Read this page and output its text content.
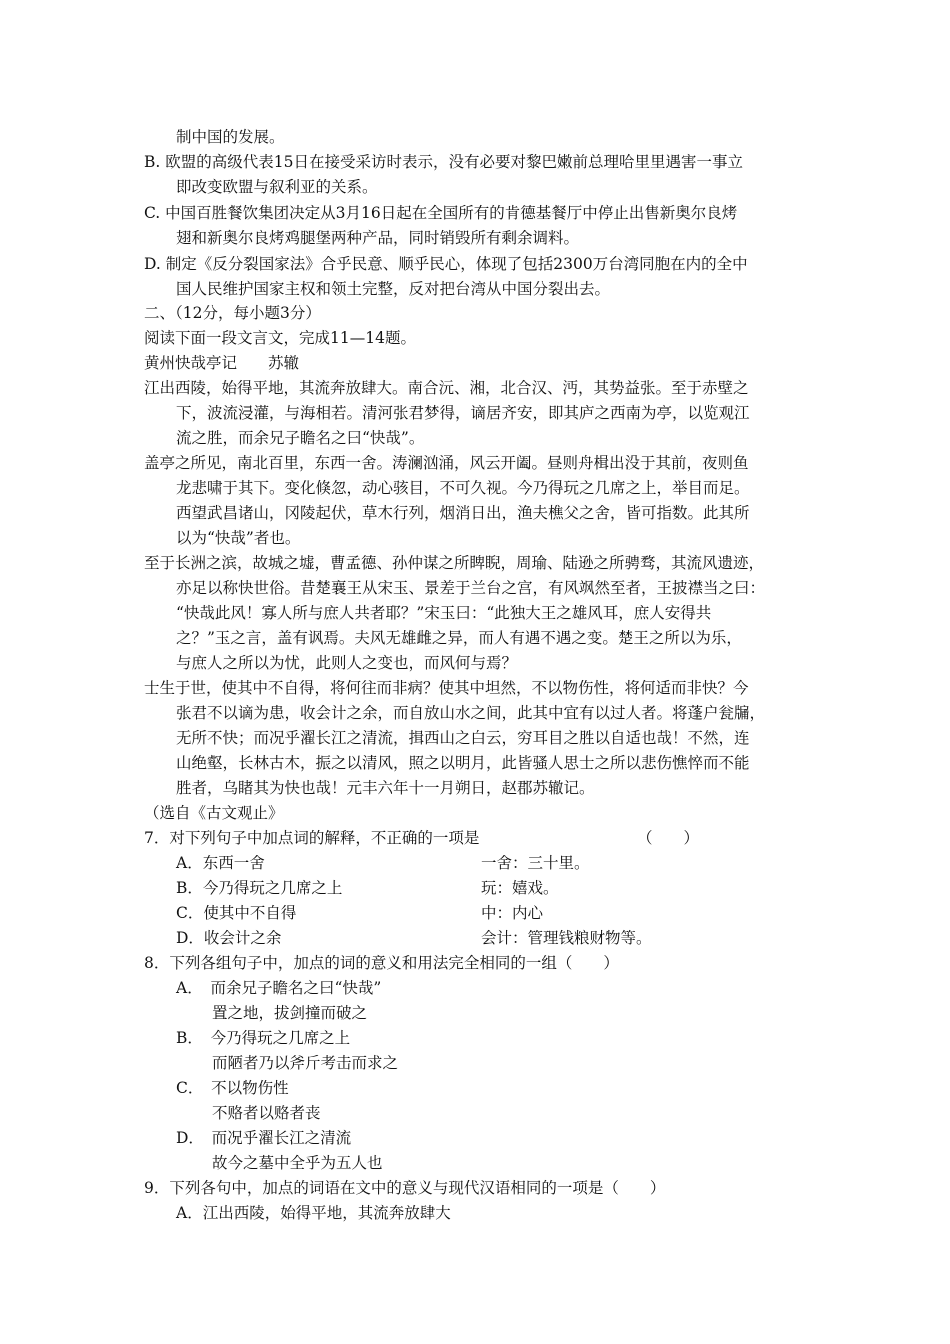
制中国的发展。
B. 欧盟的高级代表15日在接受采访时表示，没有必要对黎巴嫩前总理哈里里遇害一事立
即改变欧盟与叙利亚的关系。
C. 中国百胜餐饮集团决定从3月16日起在全国所有的肯德基餐厅中停止出售新奥尔良烤
翅和新奥尔良烤鸡腿堡两种产品，同时销毁所有剩余调料。
D. 制定《反分裂国家法》合乎民意、顺乎民心，体现了包括2300万台湾同胞在内的全中
国人民维护国家主权和领土完整，反对把台湾从中国分裂出去。
二、（12分，每小题3分）
阅读下面一段文言文，完成11—14题。
黄州快哉亭记　　苏辙
江出西陵，始得平地，其流奔放肆大。南合沅、湘，北合汉、沔，其势益张。至于赤壁之
下，波流浸灌，与海相若。清河张君梦得，谪居齐安，即其庐之西南为亭，以览观江
流之胜，而余兄子瞻名之曰“快哉”。
盖亭之所见，南北百里，东西一舍。涛澜汹涌，风云开阖。昼则舟楫出没于其前，夜则鱼
龙悲啸于其下。变化倏忽，动心骇目，不可久视。今乃得玩之几席之上，举目而足。
西望武昌诸山，冈陵起伏，草木行列，烟消日出，渔夫樵父之舍，皆可指数。此其所
以为“快哉”者也。
至于长洲之滨，故城之墟，曹孟德、孙仲谋之所睥睨，周瑜、陆逊之所骋骛，其流风遗迹，
亦足以称快世俗。昔楚襄王从宋玉、景差于兰台之宫，有风飒然至者，王披襟当之曰：
“快哉此风！寡人所与庶人共者耶？”宋玉曰：“此独大王之雄风耳，庶人安得共
之？”玉之言，盖有讽焉。夫风无雄雌之异，而人有遇不遇之变。楚王之所以为乐，
与庶人之所以为忧，此则人之变也，而风何与焉？
士生于世，使其中不自得，将何往而非病？使其中坦然，不以物伤性，将何适而非快？今
张君不以谪为患，收会计之余，而自放山水之间，此其中宜有以过人者。将蓬户瓮牖，
无所不快；而况乎濯长江之清流，揖西山之白云，穷耳目之胜以自适也哉！不然，连
山绝壑，长林古木，振之以清风，照之以明月，此皆骚人思士之所以悲伤憔悴而不能
胜者，乌睹其为快也哉！元丰六年十一月朔日，赵郡苏辙记。
（选自《古文观止》
7．对下列句子中加点词的解释，不正确的一项是	（　　）
A．东西一舍	一舍：三十里。
B．今乃得玩之几席之上	玩：嬉戏。
C．使其中不自得	中：内心
D．收会计之余	会计：管理钱粮财物等。
8．下列各组句子中，加点的词的意义和用法完全相同的一组（　　）
A．　而余兄子瞻名之曰“快哉”
置之地，拔剑撞而破之
B．　今乃得玩之几席之上
而陋者乃以斧斤考击而求之
C．　不以物伤性
不赂者以赂者丧
D．　而况乎濯长江之清流
故今之墓中全乎为五人也
9．下列各句中，加点的词语在文中的意义与现代汉语相同的一项是（　　）
A．江出西陵，始得平地，其流奔放肆大
